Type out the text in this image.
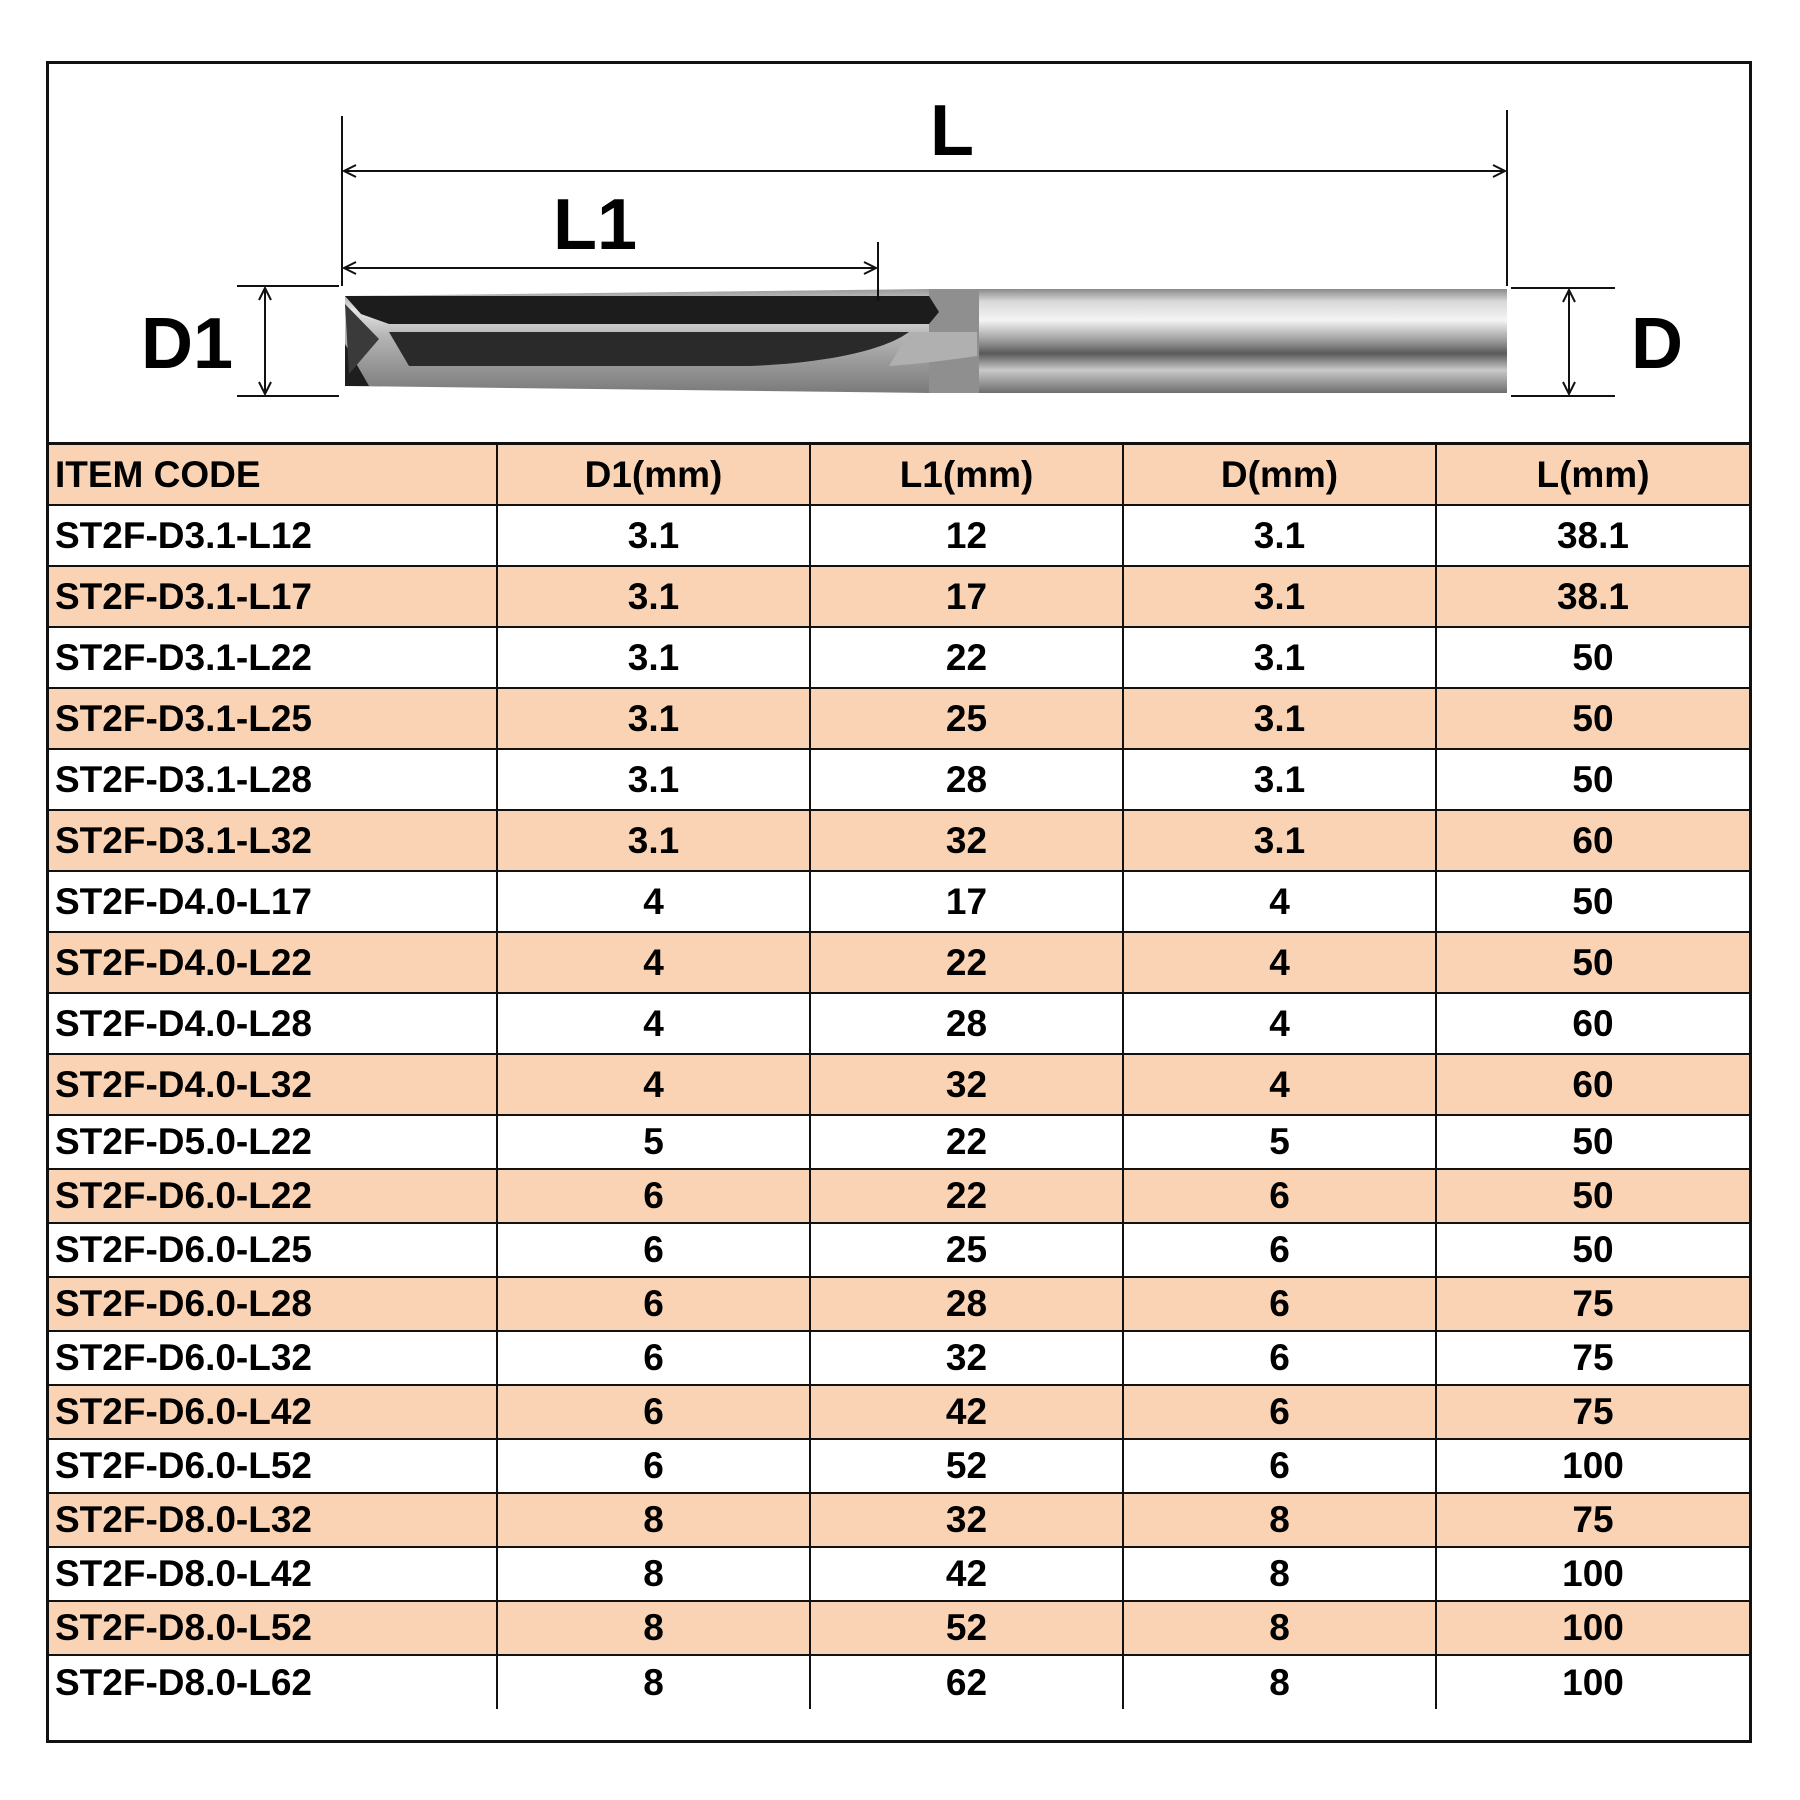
L
L1
D1	D
ITEM CODE	D1(mm)	L1(mm)	D(mm)	L(mm)
ST2F-D3.1-L12	3.1	12	3.1	38.1
ST2F-D3.1-L17	3.1	17	3.1	38.1
ST2F-D3.1-L22	3.1	22	3.1	50
ST2F-D3.1-L25	3.1	25	3.1	50
ST2F-D3.1-L28	3.1	28	3.1	50
ST2F-D3.1-L32	3.1	32	3.1	60
ST2F-D4.0-L17	4	17	4	50
ST2F-D4.0-L22	4	22	4	50
ST2F-D4.0-L28	4	28	4	60
ST2F-D4.0-L32	4	32	4	60
ST2F-D5.0-L22	5	22	5	50
ST2F-D6.0-L22	6	22	6	50
ST2F-D6.0-L25	6	25	6	50
ST2F-D6.0-L28	6	28	6	75
ST2F-D6.0-L32	6	32	6	75
ST2F-D6.0-L42	6	42	6	75
ST2F-D6.0-L52	6	52	6	100
ST2F-D8.0-L32	8	32	8	75
ST2F-D8.0-L42	8	42	8	100
ST2F-D8.0-L52	8	52	8	100
ST2F-D8.0-L62	8	62	8	100
